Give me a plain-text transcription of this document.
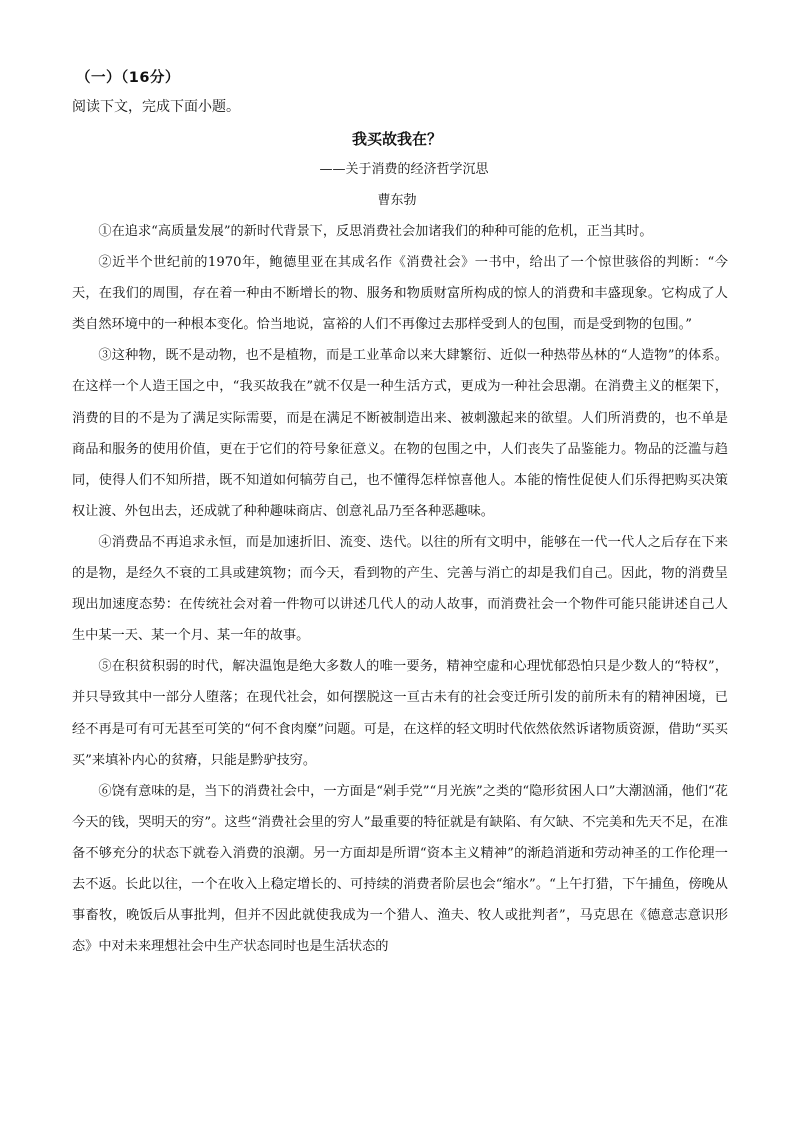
（一）（16分）
阅读下文，完成下面小题。
我买故我在？
——关于消费的经济哲学沉思
曹东勃

①在追求“高质量发展”的新时代背景下，反思消费社会加诸我们的种种可能的危机，正当其时。

②近半个世纪前的1970年，鲍德里亚在其成名作《消费社会》一书中，给出了一个惊世骇俗的判断：“今天，在我们的周围，存在着一种由不断增长的物、服务和物质财富所构成的惊人的消费和丰盛现象。它构成了人类自然环境中的一种根本变化。恰当地说，富裕的人们不再像过去那样受到人的包围，而是受到物的包围。”

③这种物，既不是动物，也不是植物，而是工业革命以来大肆繁衍、近似一种热带丛林的“人造物”的体系。在这样一个人造王国之中，“我买故我在”就不仅是一种生活方式，更成为一种社会思潮。在消费主义的框架下，消费的目的不是为了满足实际需要，而是在满足不断被制造出来、被刺激起来的欲望。人们所消费的，也不单是商品和服务的使用价值，更在于它们的符号象征意义。在物的包围之中，人们丧失了品鉴能力。物品的泛滥与趋同，使得人们不知所措，既不知道如何犒劳自己，也不懂得怎样惊喜他人。本能的惰性促使人们乐得把购买决策权让渡、外包出去，还成就了种种趣味商店、创意礼品乃至各种恶趣味。

④消费品不再追求永恒，而是加速折旧、流变、迭代。以往的所有文明中，能够在一代一代人之后存在下来的是物，是经久不衰的工具或建筑物；而今天，看到物的产生、完善与消亡的却是我们自己。因此，物的消费呈现出加速度态势：在传统社会对着一件物可以讲述几代人的动人故事，而消费社会一个物件可能只能讲述自己人生中某一天、某一个月、某一年的故事。

⑤在积贫积弱的时代，解决温饱是绝大多数人的唯一要务，精神空虚和心理忧郁恐怕只是少数人的“特权”，并只导致其中一部分人堕落；在现代社会，如何摆脱这一亘古未有的社会变迁所引发的前所未有的精神困境，已经不再是可有可无甚至可笑的“何不食肉糜”问题。可是，在这样的轻文明时代依然依然诉诸物质资源，借助“买买买”来填补内心的贫瘠，只能是黔驴技穷。

⑥饶有意味的是，当下的消费社会中，一方面是“剁手党”“月光族”之类的“隐形贫困人口”大潮汹涌，他们“花今天的钱，哭明天的穷”。这些“消费社会里的穷人”最重要的特征就是有缺陷、有欠缺、不完美和先天不足，在准备不够充分的状态下就卷入消费的浪潮。另一方面却是所谓“资本主义精神”的渐趋消逝和劳动神圣的工作伦理一去不返。长此以往，一个在收入上稳定增长的、可持续的消费者阶层也会“缩水”。“上午打猎，下午捕鱼，傍晚从事畜牧，晚饭后从事批判，但并不因此就使我成为一个猎人、渔夫、牧人或批判者”，马克思在《德意志意识形态》中对未来理想社会中生产状态同时也是生活状态的
